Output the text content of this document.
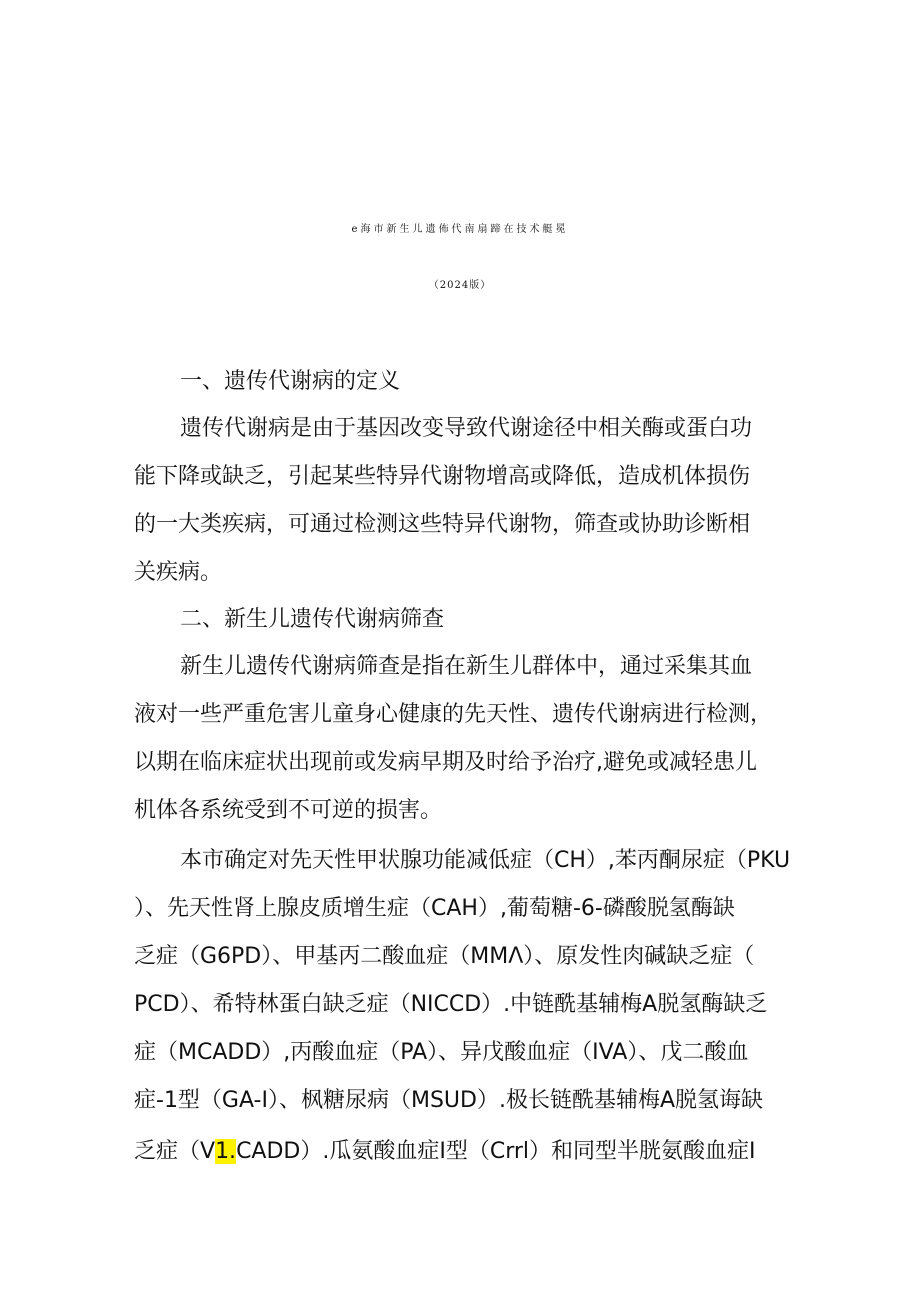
e海市新生儿遗佈代南扇蹄在技术艇冕
（2024版）
一、遗传代谢病的定义
遗传代谢病是由于基因改变导致代谢途径中相关酶或蛋白功
能下降或缺乏，引起某些特异代谢物增高或降低，造成机体损伤
的一大类疾病，可通过检测这些特异代谢物，筛查或协助诊断相
关疾病。
二、新生儿遗传代谢病筛查
新生儿遗传代谢病筛查是指在新生儿群体中，通过采集其血
液对一些严重危害儿童身心健康的先天性、遗传代谢病进行检测，
以期在临床症状出现前或发病早期及时给予治疗,避免或减轻患儿
机体各系统受到不可逆的损害。
本市确定对先天性甲状腺功能减低症（CH）,苯丙酮尿症（PKU
）、先天性肾上腺皮质增生症（CAH）,葡萄糖-6-磷酸脱氢酶缺
乏症（G6PD）、甲基丙二酸血症（MMΛ）、原发性肉碱缺乏症（
PCD）、希特林蛋白缺乏症（NICCD）.中链酰基辅梅A脱氢酶缺乏
症（MCADD）,丙酸血症（PA）、异戊酸血症（IVA）、戊二酸血
症-1型（GA-I）、枫糖尿病（MSUD）.极长链酰基辅梅A脱氢诲缺
乏症（V1.CADD）.瓜氨酸血症I型（Crrl）和同型半胱氨酸血症I
